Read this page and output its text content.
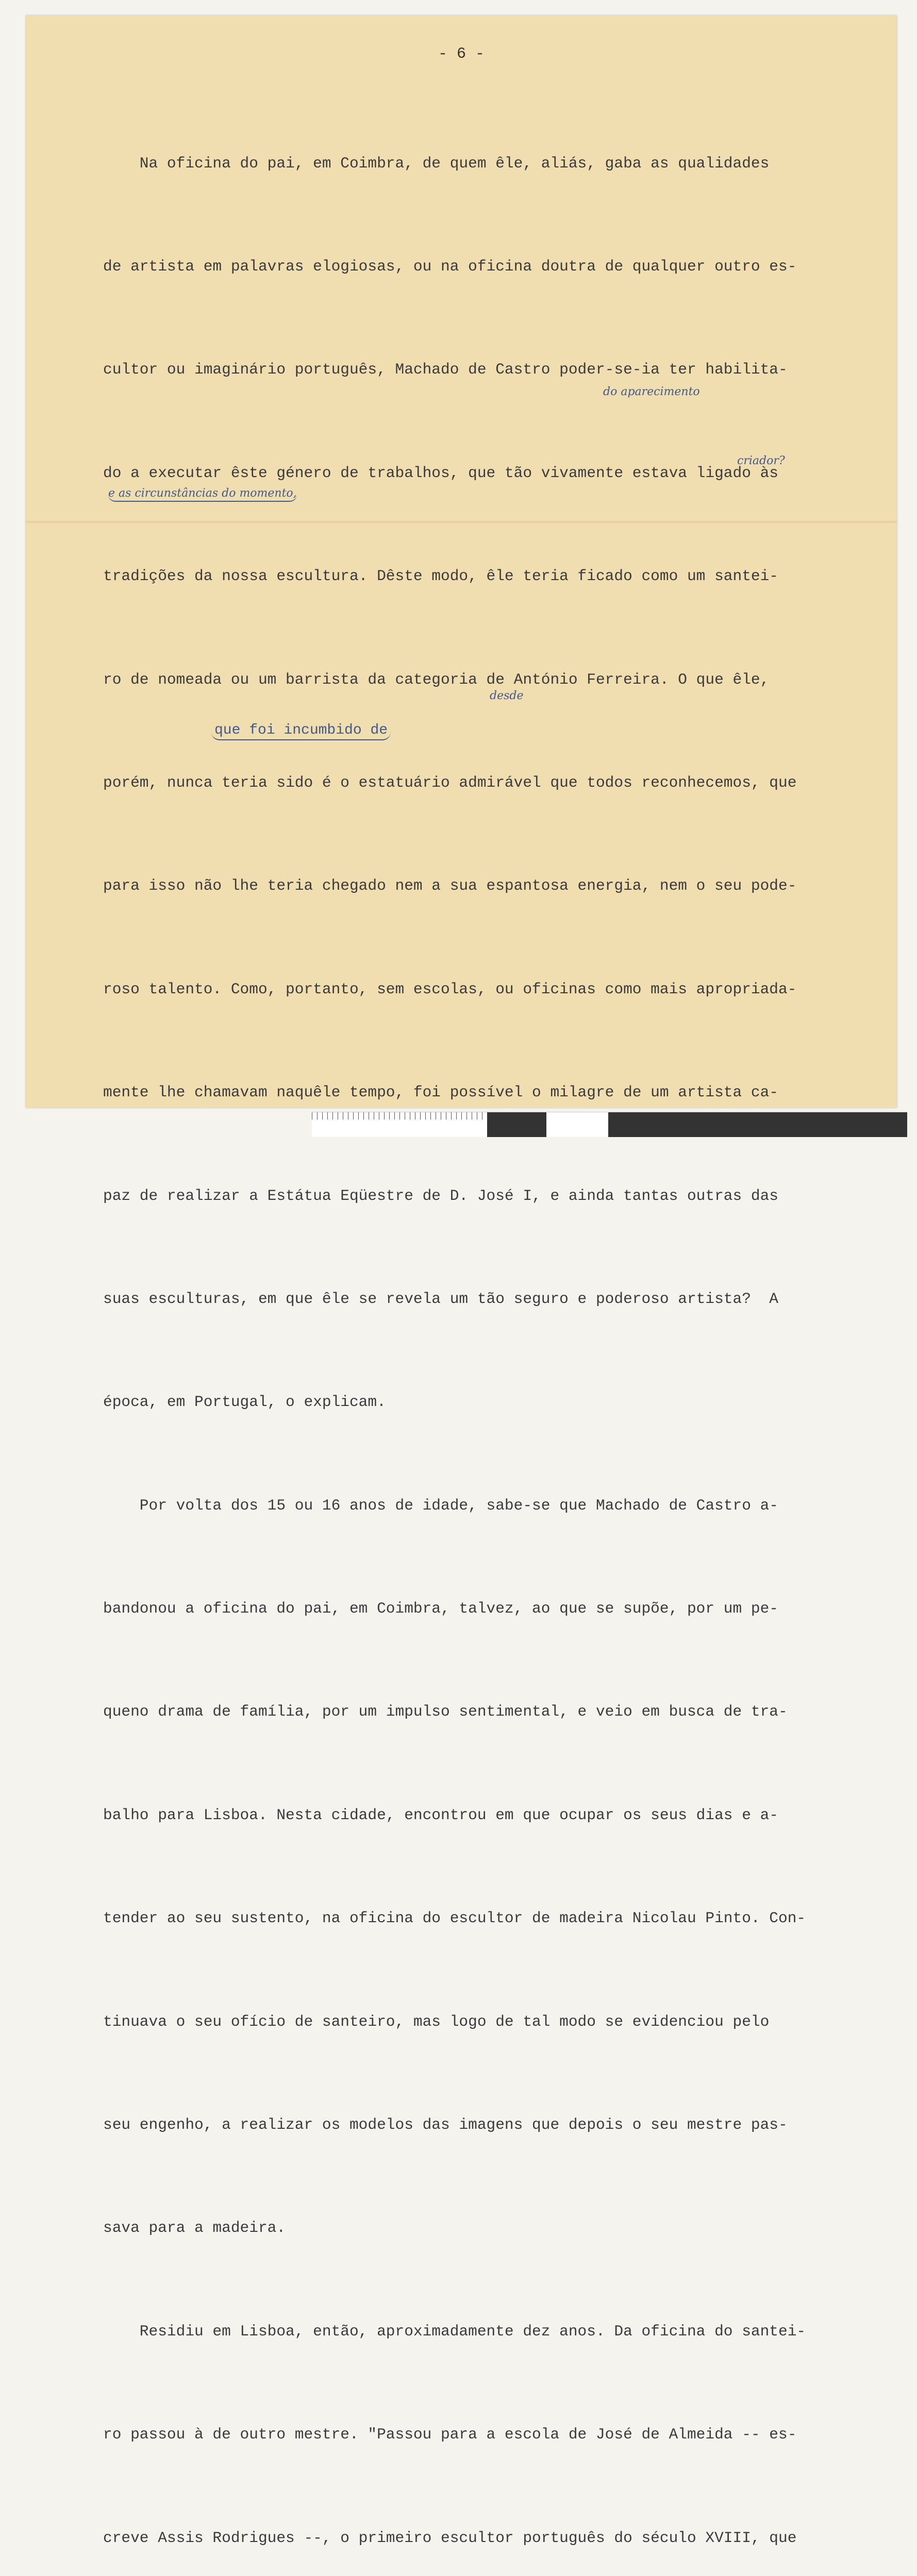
- 6 -

Na oficina do pai, em Coimbra, de quem êle, aliás, gaba as qualidades

de artista em palavras elogiosas, ou na oficina doutra de qualquer outro es-

cultor ou imaginário português, Machado de Castro poder-se-ia ter habilita-

do a executar êste género de trabalhos, que tão vivamente estava ligado às

tradições da nossa escultura. Dêste modo, êle teria ficado como um santei-

ro de nomeada ou um barrista da categoria de António Ferreira. O que êle,

porém, nunca teria sido é o estatuário admirável que todos reconhecemos, que

para isso não lhe teria chegado nem a sua espantosa energia, nem o seu pode-

roso talento. Como, portanto, sem escolas, ou oficinas como mais apropriada-

mente lhe chamavam naquêle tempo, foi possível o milagre de um artista ca-

paz de realizar a Estátua Eqüestre de D. José I, e ainda tantas outras das

suas esculturas, em que êle se revela um tão seguro e poderoso artista?  A

época, em Portugal, o explicam.

Por volta dos 15 ou 16 anos de idade, sabe-se que Machado de Castro a-

bandonou a oficina do pai, em Coimbra, talvez, ao que se supõe, por um pe-

queno drama de família, por um impulso sentimental, e veio em busca de tra-

balho para Lisboa. Nesta cidade, encontrou em que ocupar os seus dias e a-

tender ao seu sustento, na oficina do escultor de madeira Nicolau Pinto. Con-

tinuava o seu ofício de santeiro, mas logo de tal modo se evidenciou pelo

seu engenho, a realizar os modelos das imagens que depois o seu mestre pas-

sava para a madeira.

Residiu em Lisboa, então, aproximadamente dez anos. Da oficina do santei-

ro passou à de outro mestre. "Passou para a escola de José de Almeida -- es-

creve Assis Rodrigues --, o primeiro escultor português do século XVIII, que

do aparecimento
criador?
e as circunstâncias do momento,
desde
que foi incumbido de
